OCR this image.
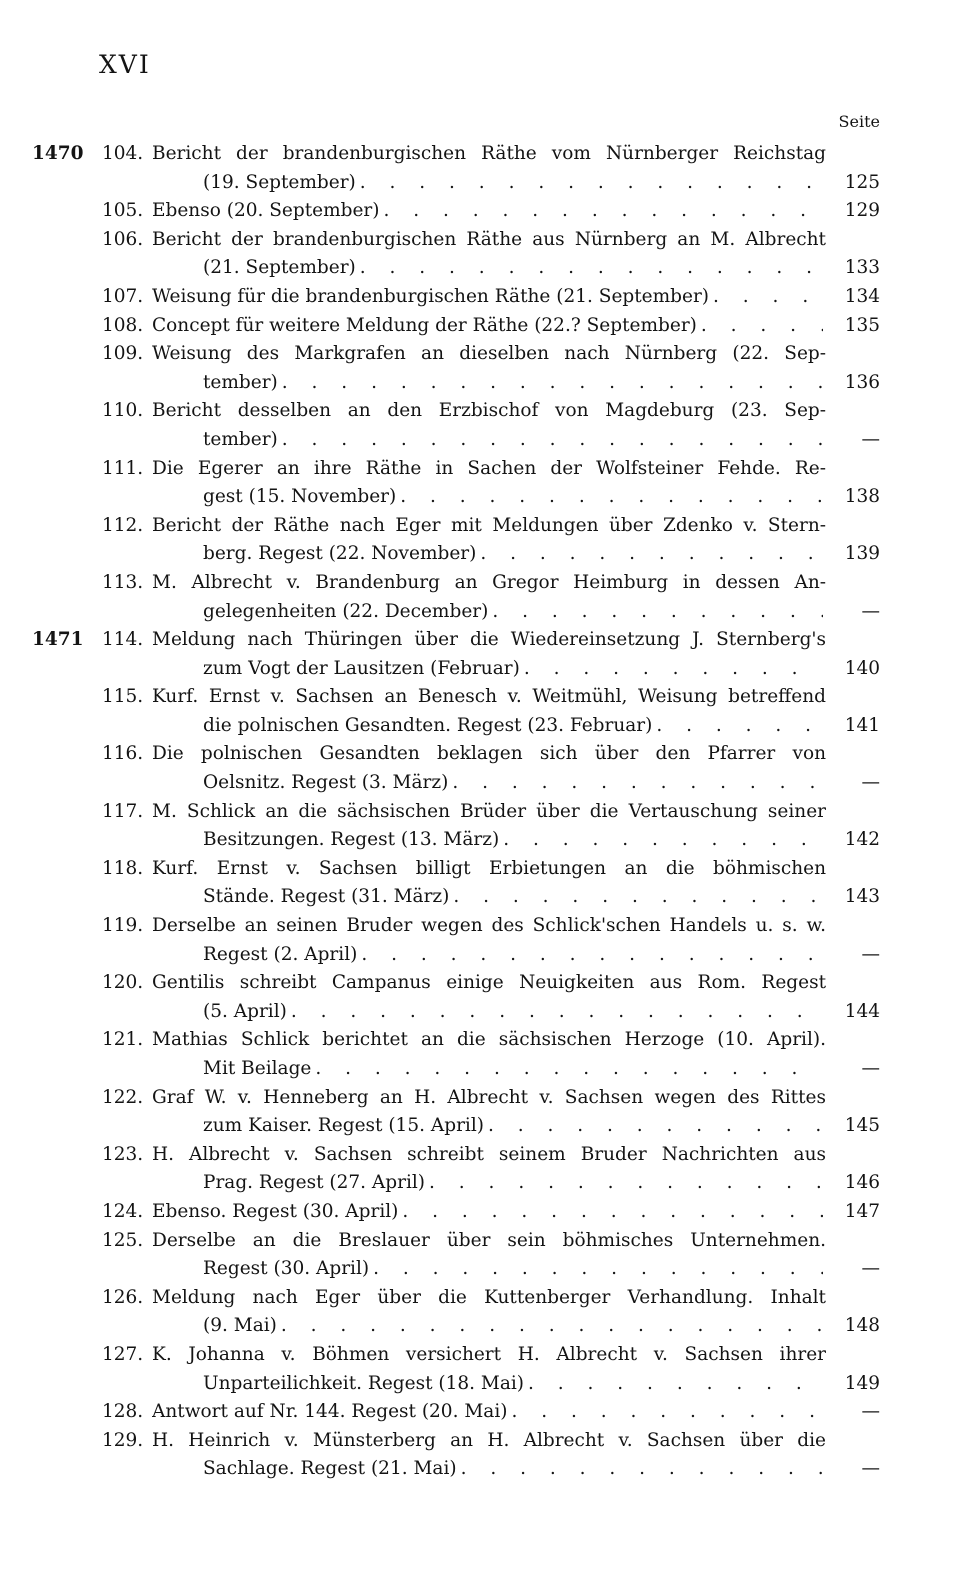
XVI
Seite
1470 104. Bericht der brandenburgischen Räthe vom Nürnberger Reichstag
(19. September) . . .	125
105. Ebenso (20. September) . . .	129
106. Bericht der brandenburgischen Räthe aus Nürnberg an M. Albrecht
(21. September) . . .	133
107. Weisung für die brandenburgischen Räthe (21. September) . . .	134
108. Concept für weitere Meldung der Räthe (22.? September) . . .	135
109. Weisung des Markgrafen an dieselben nach Nürnberg (22. Sep-
tember) . . .	136
110. Bericht desselben an den Erzbischof von Magdeburg (23. Sep-
tember) . . .	—
111. Die Egerer an ihre Räthe in Sachen der Wolfsteiner Fehde. Re-
gest (15. November) . . .	138
112. Bericht der Räthe nach Eger mit Meldungen über Zdenko v. Stern-
berg. Regest (22. November) . . .	139
113. M. Albrecht v. Brandenburg an Gregor Heimburg in dessen An-
gelegenheiten (22. December) . . .	—
1471 114. Meldung nach Thüringen über die Wiedereinsetzung J. Sternberg's
zum Vogt der Lausitzen (Februar) . . .	140
115. Kurf. Ernst v. Sachsen an Benesch v. Weitmühl, Weisung betreffend
die polnischen Gesandten. Regest (23. Februar) . . .	141
116. Die polnischen Gesandten beklagen sich über den Pfarrer von
Oelsnitz. Regest (3. März) . . .	—
117. M. Schlick an die sächsischen Brüder über die Vertauschung seiner
Besitzungen. Regest (13. März) . . .	142
118. Kurf. Ernst v. Sachsen billigt Erbietungen an die böhmischen
Stände. Regest (31. März) . . .	143
119. Derselbe an seinen Bruder wegen des Schlick'schen Handels u. s. w.
Regest (2. April) . . .	—
120. Gentilis schreibt Campanus einige Neuigkeiten aus Rom. Regest
(5. April) . . .	144
121. Mathias Schlick berichtet an die sächsischen Herzoge (10. April).
Mit Beilage . . .	—
122. Graf W. v. Henneberg an H. Albrecht v. Sachsen wegen des Rittes
zum Kaiser. Regest (15. April) . . .	145
123. H. Albrecht v. Sachsen schreibt seinem Bruder Nachrichten aus
Prag. Regest (27. April) . . .	146
124. Ebenso. Regest (30. April) . . .	147
125. Derselbe an die Breslauer über sein böhmisches Unternehmen.
Regest (30. April) . . .	—
126. Meldung nach Eger über die Kuttenberger Verhandlung. Inhalt
(9. Mai) . . .	148
127. K. Johanna v. Böhmen versichert H. Albrecht v. Sachsen ihrer
Unparteilichkeit. Regest (18. Mai) . . .	149
128. Antwort auf Nr. 144. Regest (20. Mai) . . .	—
129. H. Heinrich v. Münsterberg an H. Albrecht v. Sachsen über die
Sachlage. Regest (21. Mai) . . .	—
